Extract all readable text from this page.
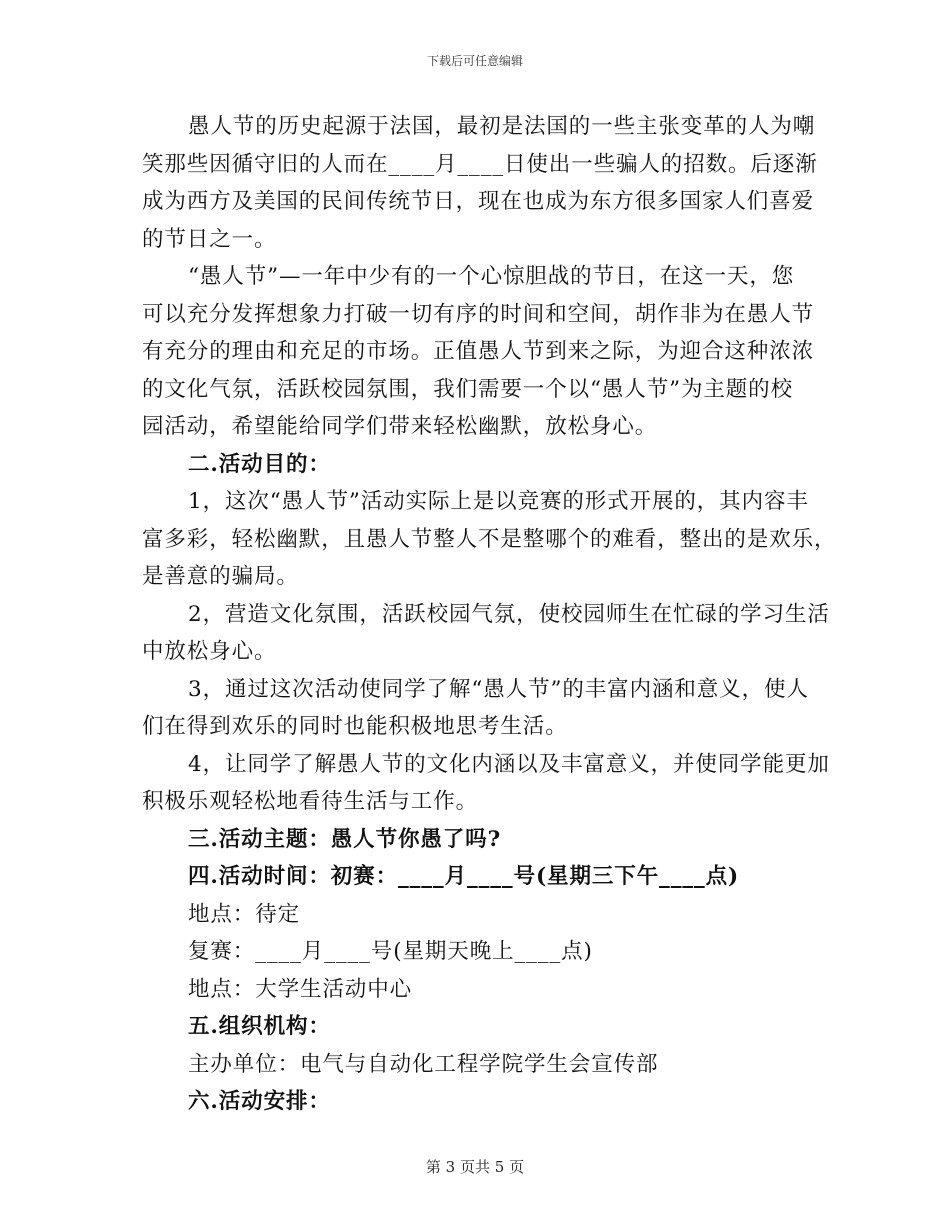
下载后可任意编辑
愚人节的历史起源于法国，最初是法国的一些主张变革的人为嘲
笑那些因循守旧的人而在____月____日使出一些骗人的招数。后逐渐
成为西方及美国的民间传统节日，现在也成为东方很多国家人们喜爱
的节日之一。
“愚人节”—一年中少有的一个心惊胆战的节日，在这一天，您
可以充分发挥想象力打破一切有序的时间和空间，胡作非为在愚人节
有充分的理由和充足的市场。正值愚人节到来之际，为迎合这种浓浓
的文化气氛，活跃校园氛围，我们需要一个以“愚人节”为主题的校
园活动，希望能给同学们带来轻松幽默，放松身心。
二.活动目的：
1，这次“愚人节”活动实际上是以竞赛的形式开展的，其内容丰
富多彩，轻松幽默，且愚人节整人不是整哪个的难看，整出的是欢乐，
是善意的骗局。
2，营造文化氛围，活跃校园气氛，使校园师生在忙碌的学习生活
中放松身心。
3，通过这次活动使同学了解“愚人节”的丰富内涵和意义，使人
们在得到欢乐的同时也能积极地思考生活。
4，让同学了解愚人节的文化内涵以及丰富意义，并使同学能更加
积极乐观轻松地看待生活与工作。
三.活动主题：愚人节你愚了吗?
四.活动时间：初赛：____月____号(星期三下午____点)
地点：待定
复赛：____月____号(星期天晚上____点)
地点：大学生活动中心
五.组织机构：
主办单位：电气与自动化工程学院学生会宣传部
六.活动安排：
第 3 页共 5 页
